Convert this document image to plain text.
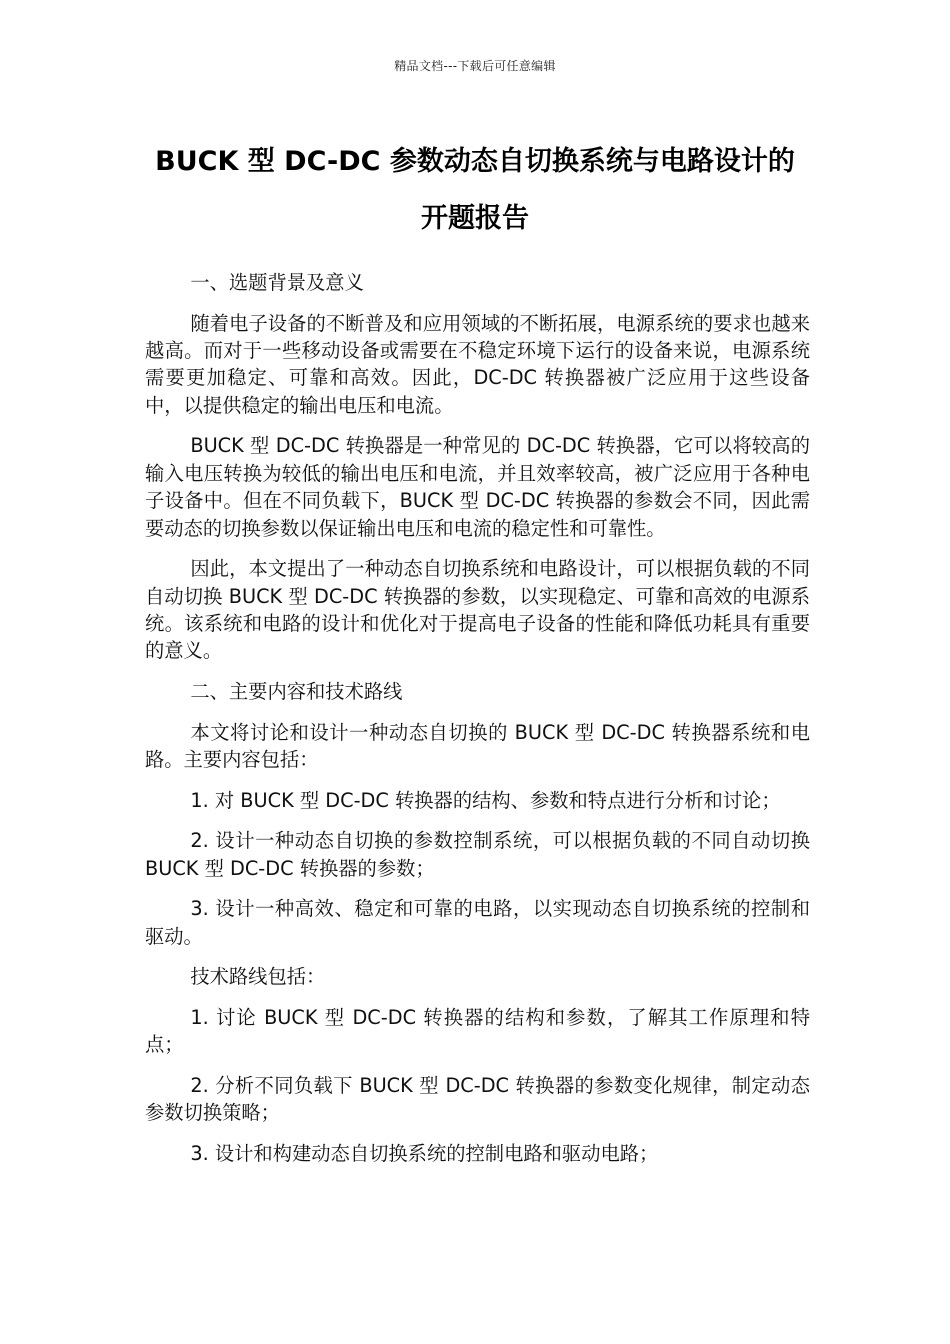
精品文档---下载后可任意编辑
BUCK 型 DC-DC 参数动态自切换系统与电路设计的
开题报告

一、选题背景及意义

随着电子设备的不断普及和应用领域的不断拓展，电源系统的要求也越来越高。而对于一些移动设备或需要在不稳定环境下运行的设备来说，电源系统需要更加稳定、可靠和高效。因此，DC-DC 转换器被广泛应用于这些设备中，以提供稳定的输出电压和电流。

BUCK 型 DC-DC 转换器是一种常见的 DC-DC 转换器，它可以将较高的输入电压转换为较低的输出电压和电流，并且效率较高，被广泛应用于各种电子设备中。但在不同负载下，BUCK 型 DC-DC 转换器的参数会不同，因此需要动态的切换参数以保证输出电压和电流的稳定性和可靠性。

因此，本文提出了一种动态自切换系统和电路设计，可以根据负载的不同自动切换 BUCK 型 DC-DC 转换器的参数，以实现稳定、可靠和高效的电源系统。该系统和电路的设计和优化对于提高电子设备的性能和降低功耗具有重要的意义。

二、主要内容和技术路线

本文将讨论和设计一种动态自切换的 BUCK 型 DC-DC 转换器系统和电路。主要内容包括：

1. 对 BUCK 型 DC-DC 转换器的结构、参数和特点进行分析和讨论；

2. 设计一种动态自切换的参数控制系统，可以根据负载的不同自动切换 BUCK 型 DC-DC 转换器的参数；

3. 设计一种高效、稳定和可靠的电路，以实现动态自切换系统的控制和驱动。

技术路线包括：

1. 讨论 BUCK 型 DC-DC 转换器的结构和参数，了解其工作原理和特点；

2. 分析不同负载下 BUCK 型 DC-DC 转换器的参数变化规律，制定动态参数切换策略；

3. 设计和构建动态自切换系统的控制电路和驱动电路；
